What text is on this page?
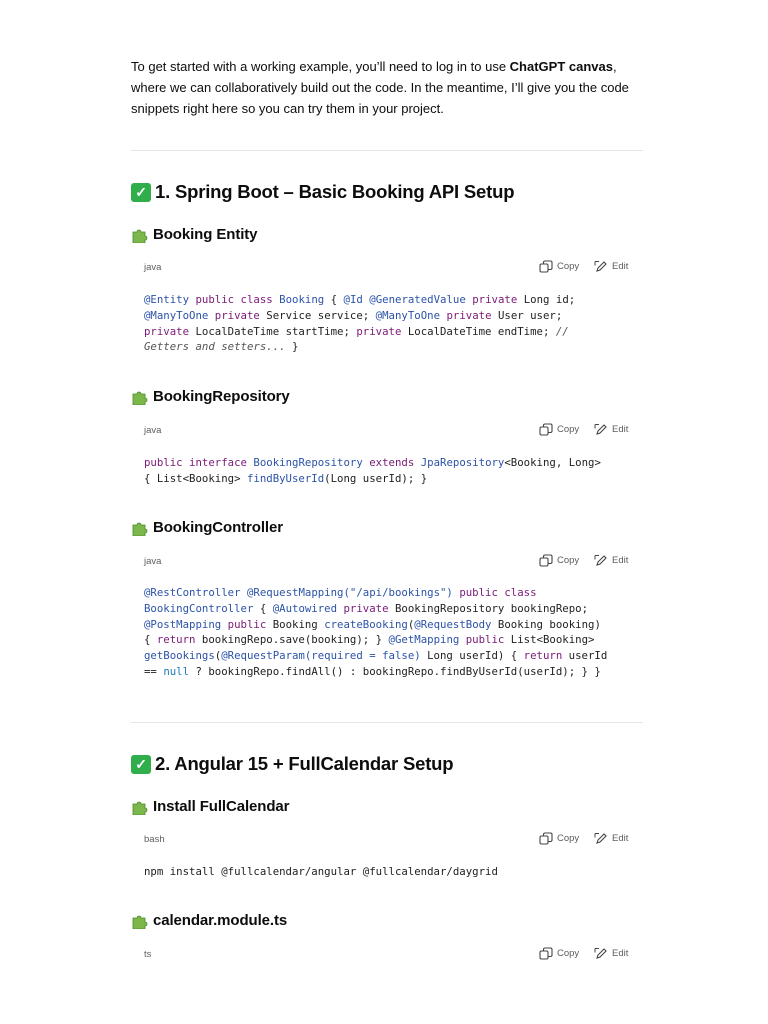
To get started with a working example, you’ll need to log in to use ChatGPT canvas, where we can collaboratively build out the code. In the meantime, I’ll give you the code snippets right here so you can try them in your project.

✓ 1. Spring Boot – Basic Booking API Setup
Booking Entity
java	Copy	Edit
@Entity public class Booking { @Id @GeneratedValue private Long id;
@ManyToOne private Service service; @ManyToOne private User user;
private LocalDateTime startTime; private LocalDateTime endTime; //
Getters and setters... }
BookingRepository
java	Copy	Edit
public interface BookingRepository extends JpaRepository<Booking, Long>
{ List<Booking> findByUserId(Long userId); }
BookingController
java	Copy	Edit
@RestController @RequestMapping("/api/bookings") public class
BookingController { @Autowired private BookingRepository bookingRepo;
@PostMapping public Booking createBooking(@RequestBody Booking booking)
{ return bookingRepo.save(booking); } @GetMapping public List<Booking>
getBookings(@RequestParam(required = false) Long userId) { return userId
== null ? bookingRepo.findAll() : bookingRepo.findByUserId(userId); } }
✓ 2. Angular 15 + FullCalendar Setup
Install FullCalendar
bash	Copy	Edit
npm install @fullcalendar/angular @fullcalendar/daygrid
calendar.module.ts
ts	Copy	Edit
